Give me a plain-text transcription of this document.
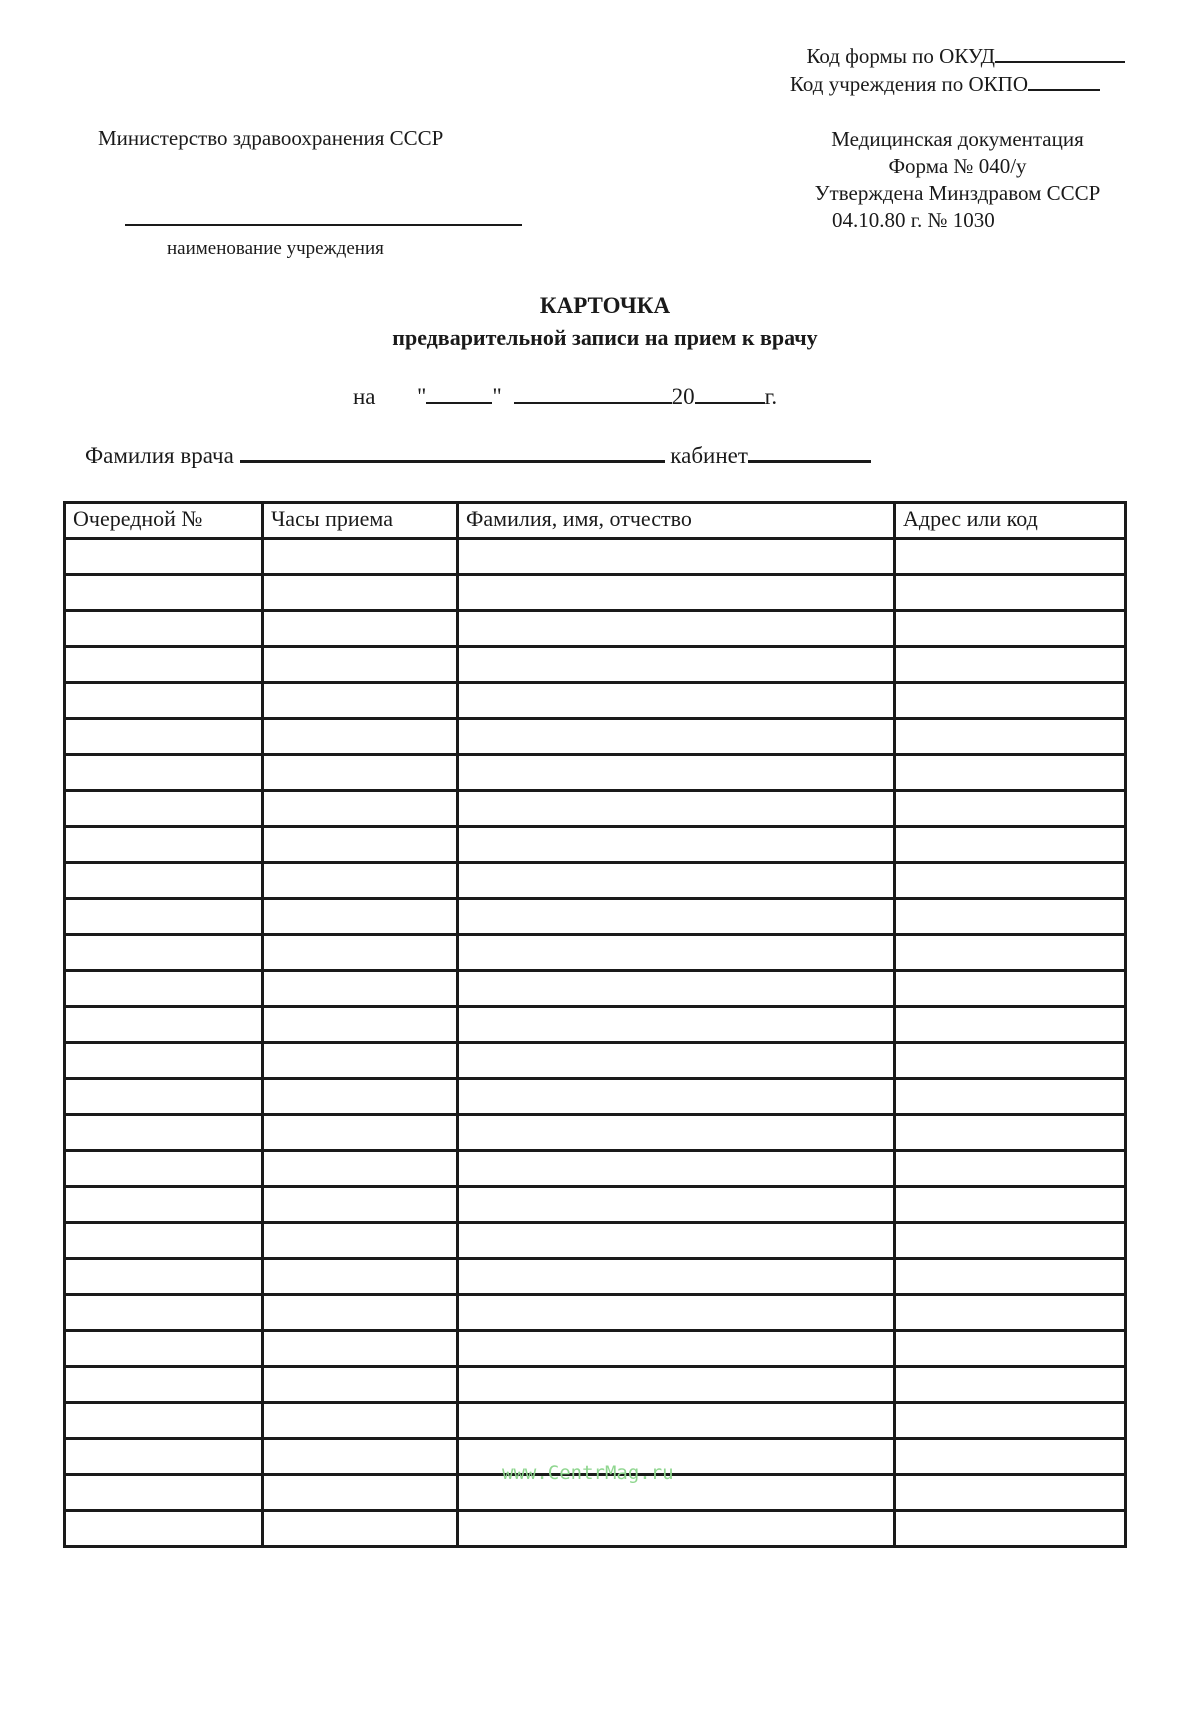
Код формы по ОКУД
Код учреждения по ОКПО
Министерство здравоохранения СССР
наименование учреждения
Медицинская документация
Форма № 040/у
Утверждена Минздравом СССР
04.10.80 г. № 1030
КАРТОЧКА
предварительной записи на прием к врачу
на "	"	20	г.
Фамилия врача	кабинет
Очередной №	Часы приема	Фамилия, имя, отчество	Адрес или код

www.CentrMag.ru
